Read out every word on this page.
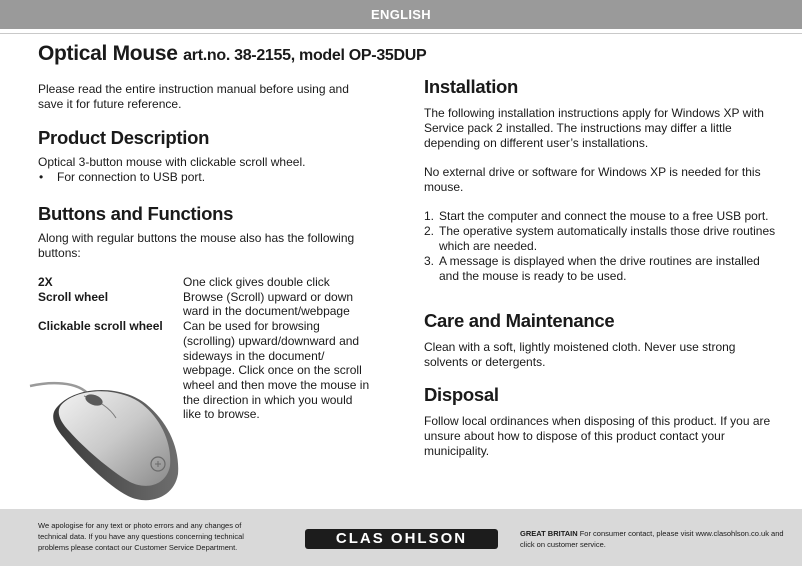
ENGLISH
Optical Mouse art.no. 38-2155, model OP-35DUP

Please read the entire instruction manual before using and save it for future reference.

Product Description

Optical 3-button mouse with clickable scroll wheel.

• For connection to USB port.

Buttons and Functions

Along with regular buttons the mouse also has the following buttons:

2X	One click gives double click
Scroll wheel	Browse (Scroll) upward or down ward in the document/webpage
Clickable scroll wheel	Can be used for browsing (scrolling) upward/downward and sideways in the document/ webpage. Click once on the scroll wheel and then move the mouse in the direction in which you would like to browse.
Installation

The following installation instructions apply for Windows XP with Service pack 2 installed. The instructions may differ a little depending on different user’s installations.

No external drive or software for Windows XP is needed for this mouse.

1. Start the computer and connect the mouse to a free USB port.
2. The operative system automatically installs those drive routines which are needed.
3. A message is displayed when the drive routines are installed and the mouse is ready to be used.
Care and Maintenance

Clean with a soft, lightly moistened cloth. Never use strong solvents or detergents.

Disposal

Follow local ordinances when disposing of this product. If you are unsure about how to dispose of this product contact your municipality.

We apologise for any text or photo errors and any changes of technical data. If you have any questions concerning technical problems please contact our Customer Service Department.
CLAS OHLSON	GREAT BRITAIN For consumer contact, please visit www.clasohlson.co.uk and click on customer service.
